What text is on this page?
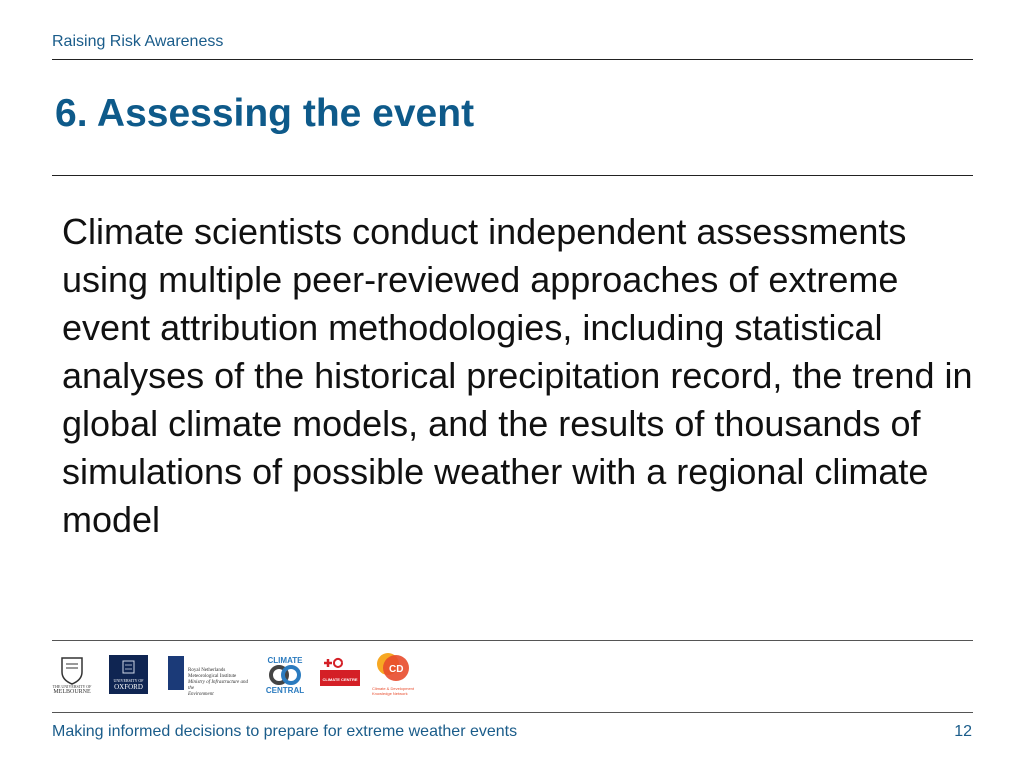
Raising Risk Awareness
6. Assessing the event

Climate scientists conduct independent assessments using multiple peer-reviewed approaches of extreme event attribution methodologies, including statistical analyses of the historical precipitation record, the trend in global climate models, and the results of thousands of simulations of possible weather with a regional climate model

THE UNIVERSITY OF
MELBOURNE
UNIVERSITY OF
OXFORD
Royal Netherlands
Meteorological Institute
Ministry of Infrastructure and the
Environment
CLIMATE
CENTRAL
CLIMATE CENTRE
CD
Climate & Development
Knowledge Network
Making informed decisions to prepare for extreme weather events	12
